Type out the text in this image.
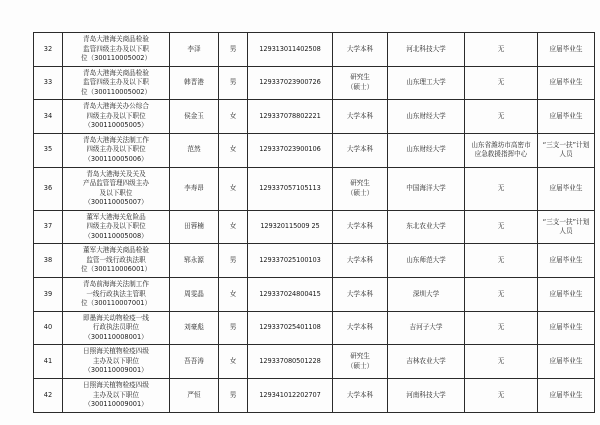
32	青岛大港海关商品检验
监管四级主办及以下职
位（300110005002）	李泽	男	129313011402508	大学本科	河北科技大学	无	应届毕业生
33	青岛大港海关商品检验
监管四级主办及以下职
位（300110005002）	韩晋港	男	129337023900726	研究生
（硕士）	山东理工大学	无	应届毕业生
34	青岛大港海关办公综合
四级主办及以下职位
（300110005005）	侯金玉	女	129337078802221	大学本科	山东财经大学	无	应届毕业生
35	青岛大港海关法制工作
四级主办及以下职位
（300110005006）	范然	女	129337023900106	大学本科	山东财经大学	山东省潍坊市高密市
应急救援指挥中心	“三支一扶”计划
人员

36	青岛大港海关及关及
产品监管管理四级主办
及以下职位
（300110005007）	李寿昂	女	129337057105113	研究生
（硕士）	中国海洋大学	无	应届毕业生
37	董军大港海关危险品
四级主办及以下职位
（300110005008）	田蓉楠	女	129320115009 25	大学本科	东北农业大学	无	“三支一扶”计划
人员

38	董军大港海关商品检验
监管一线行政执法职
位（300110006001）	郓永源	男	129337025100103	大学本科	山东师范大学	无	应届毕业生
39	青岛前海海关法制工作
一线行政执法主管职
位（300110007001）	周雯晶	女	129337024800415	大学本科	深圳大学	无	应届毕业生
40	即墨海关动物检疫一线
行政执法员职位
（300110008001）	刘豪彪	男	129337025401108	大学本科	吉河子大学	无	应届毕业生
41	日照海关植物检疫四级
主办及以下职位
（300110009001）	吾吾涛	女	129337080501228	研究生
（硕士）	吉林农业大学	无	应届毕业生
42	日照海关植物检疫四级
主办及以下职位
（300110009001）	严恒	男	129341012202707	大学本科	河南科技大学	无	应届毕业生
